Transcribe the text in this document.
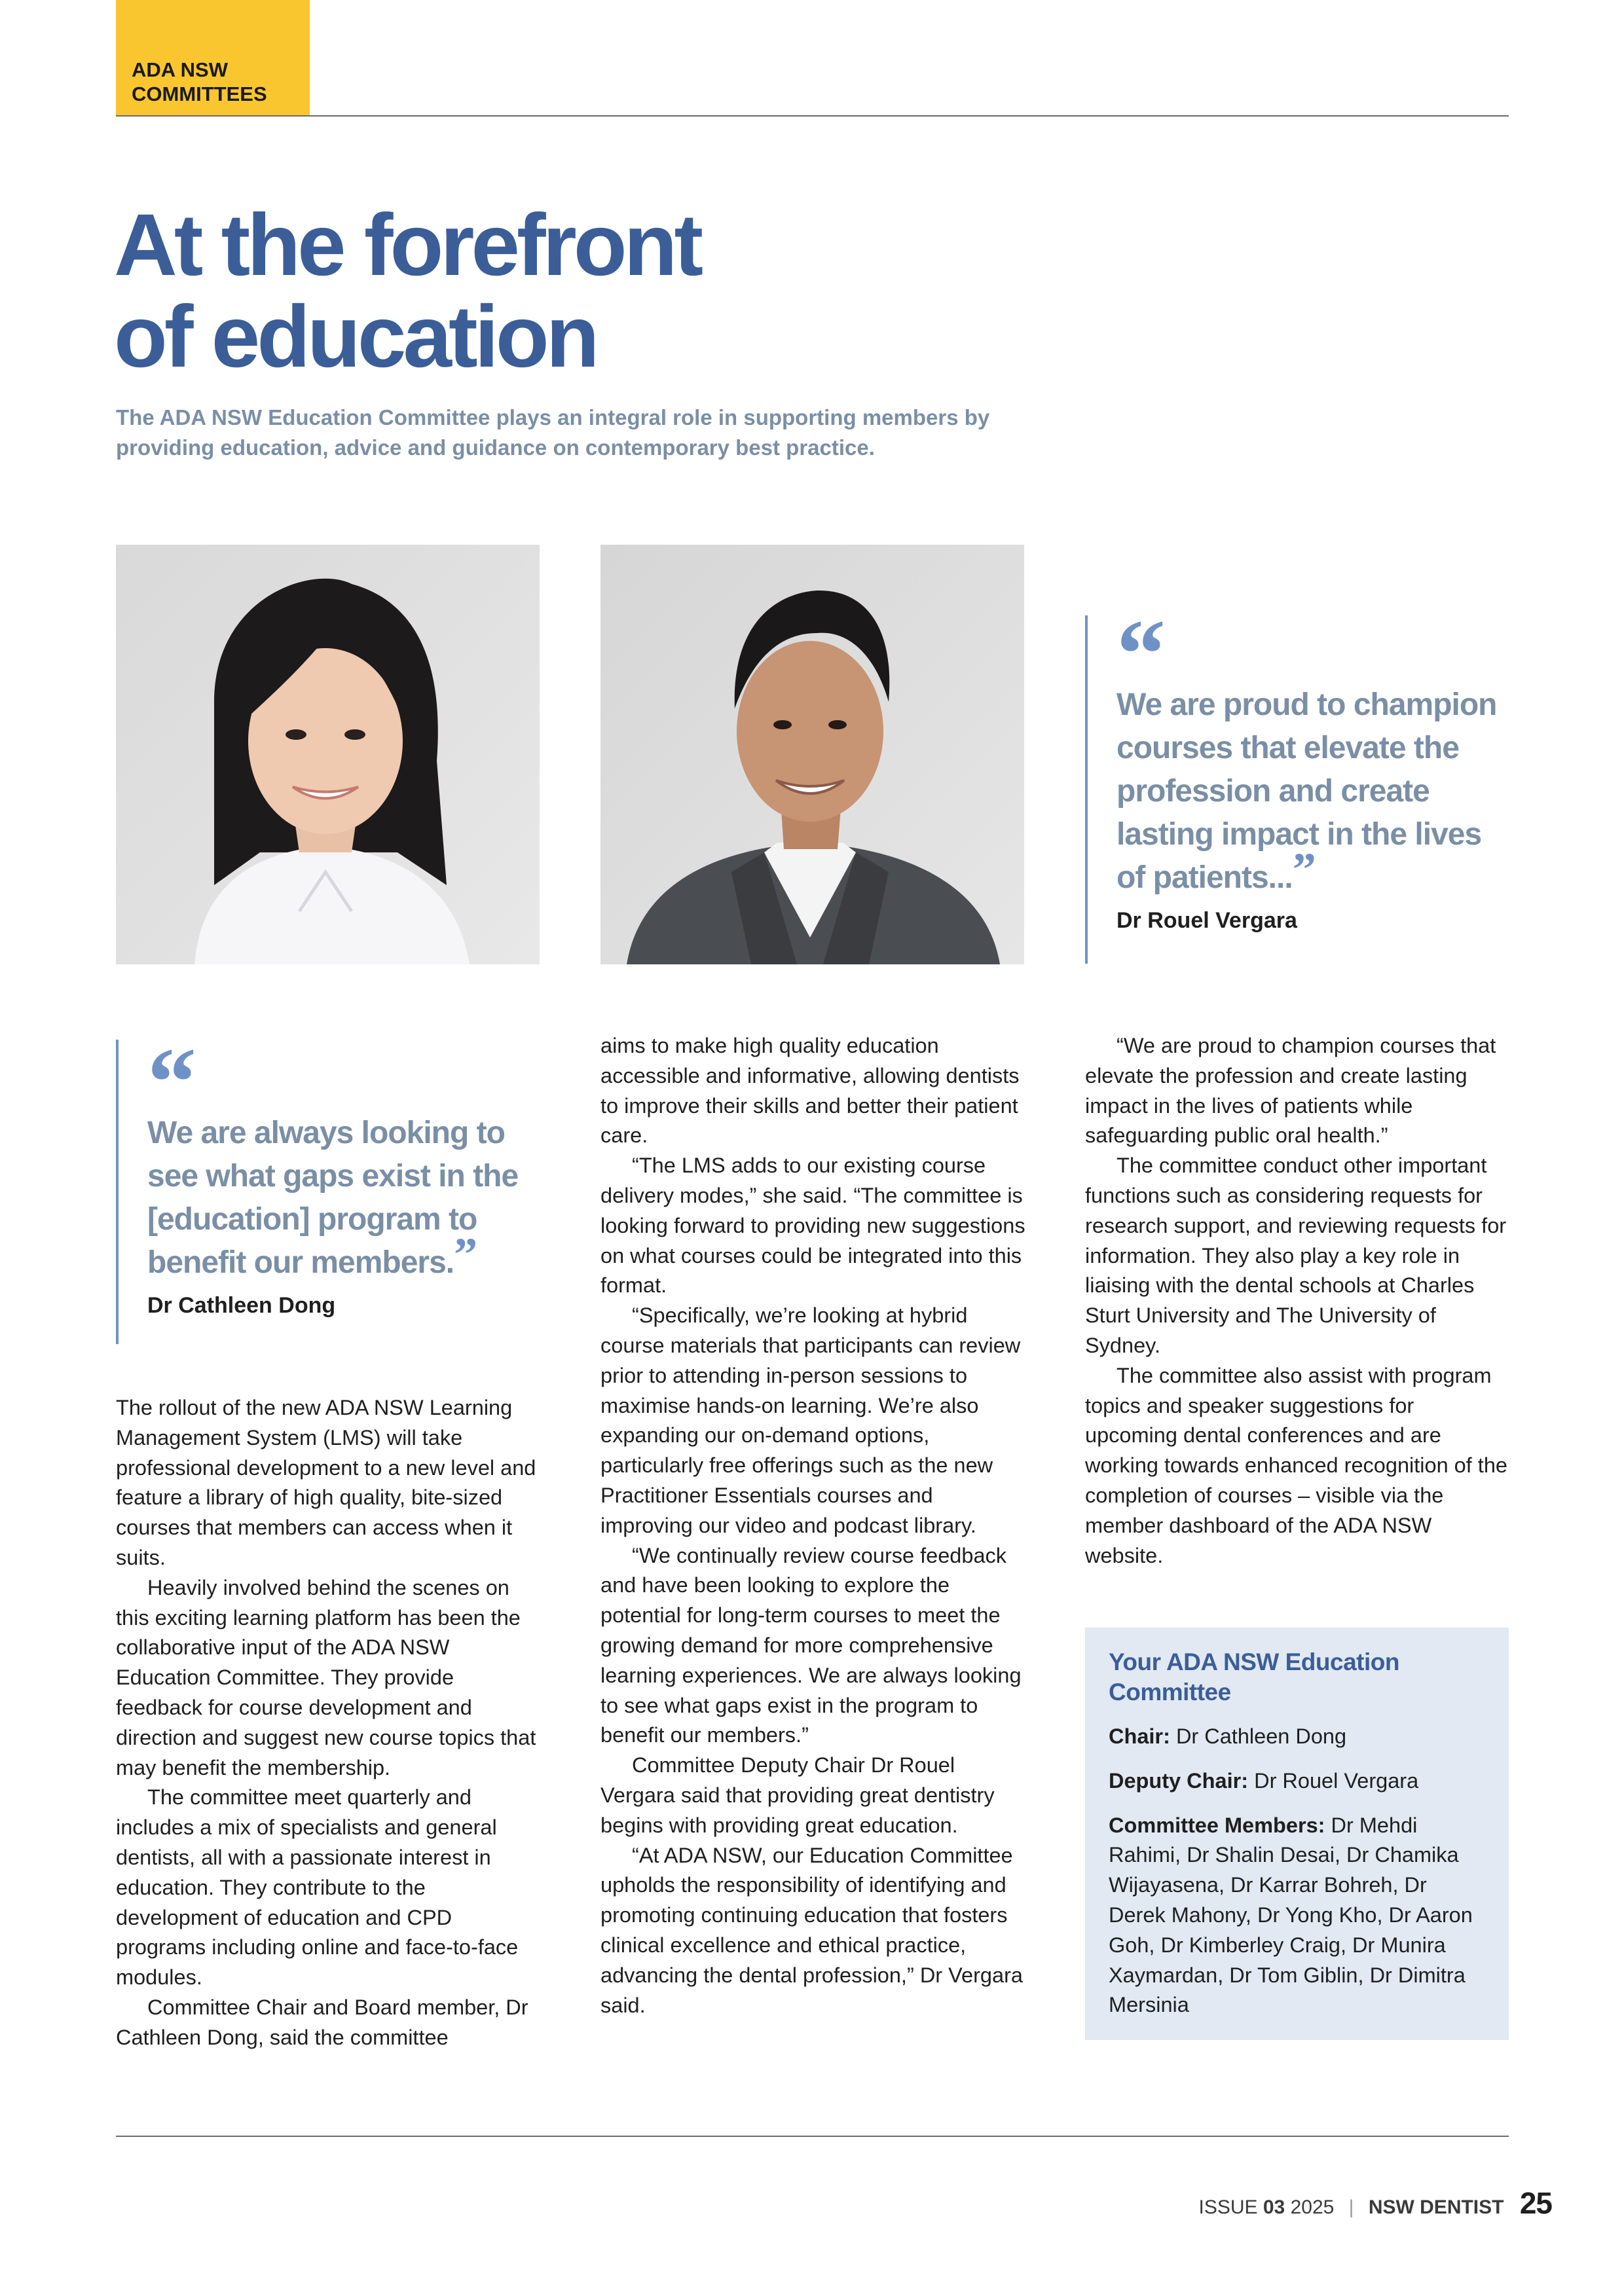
ADA NSW
COMMITTEES
At the forefront
of education

The ADA NSW Education Committee plays an integral role in supporting members by providing education, advice and guidance on contemporary best practice.

“
We are proud to champion courses that elevate the profession and create lasting impact in the lives of patients...”
Dr Rouel Vergara
“
We are always looking to see what gaps exist in the [education] program to benefit our members.”
Dr Cathleen Dong

The rollout of the new ADA NSW Learning Management System (LMS) will take professional development to a new level and feature a library of high quality, bite-sized courses that members can access when it suits.

Heavily involved behind the scenes on this exciting learning platform has been the collaborative input of the ADA NSW Education Committee. They provide feedback for course development and direction and suggest new course topics that may benefit the membership.

The committee meet quarterly and includes a mix of specialists and general dentists, all with a passionate interest in education. They contribute to the development of education and CPD programs including online and face-to-face modules.

Committee Chair and Board member, Dr Cathleen Dong, said the committee

aims to make high quality education accessible and informative, allowing dentists to improve their skills and better their patient care.

“The LMS adds to our existing course delivery modes,” she said. “The committee is looking forward to providing new suggestions on what courses could be integrated into this format.

“Specifically, we’re looking at hybrid course materials that participants can review prior to attending in-person sessions to maximise hands-on learning. We’re also expanding our on-demand options, particularly free offerings such as the new Practitioner Essentials courses and improving our video and podcast library.

“We continually review course feedback and have been looking to explore the potential for long-term courses to meet the growing demand for more comprehensive learning experiences. We are always looking to see what gaps exist in the program to benefit our members.”

Committee Deputy Chair Dr Rouel Vergara said that providing great dentistry begins with providing great education.

“At ADA NSW, our Education Committee upholds the responsibility of identifying and promoting continuing education that fosters clinical excellence and ethical practice, advancing the dental profession,” Dr Vergara said.

“We are proud to champion courses that elevate the profession and create lasting impact in the lives of patients while safeguarding public oral health.”

The committee conduct other important functions such as considering requests for research support, and reviewing requests for information. They also play a key role in liaising with the dental schools at Charles Sturt University and The University of Sydney.

The committee also assist with program topics and speaker suggestions for upcoming dental conferences and are working towards enhanced recognition of the completion of courses – visible via the member dashboard of the ADA NSW website.

Your ADA NSW Education Committee

Chair: Dr Cathleen Dong

Deputy Chair: Dr Rouel Vergara

Committee Members: Dr Mehdi Rahimi, Dr Shalin Desai, Dr Chamika Wijayasena, Dr Karrar Bohreh, Dr Derek Mahony, Dr Yong Kho, Dr Aaron Goh, Dr Kimberley Craig, Dr Munira Xaymardan, Dr Tom Giblin, Dr Dimitra Mersinia

ISSUE 03 2025 | NSW DENTIST 25
